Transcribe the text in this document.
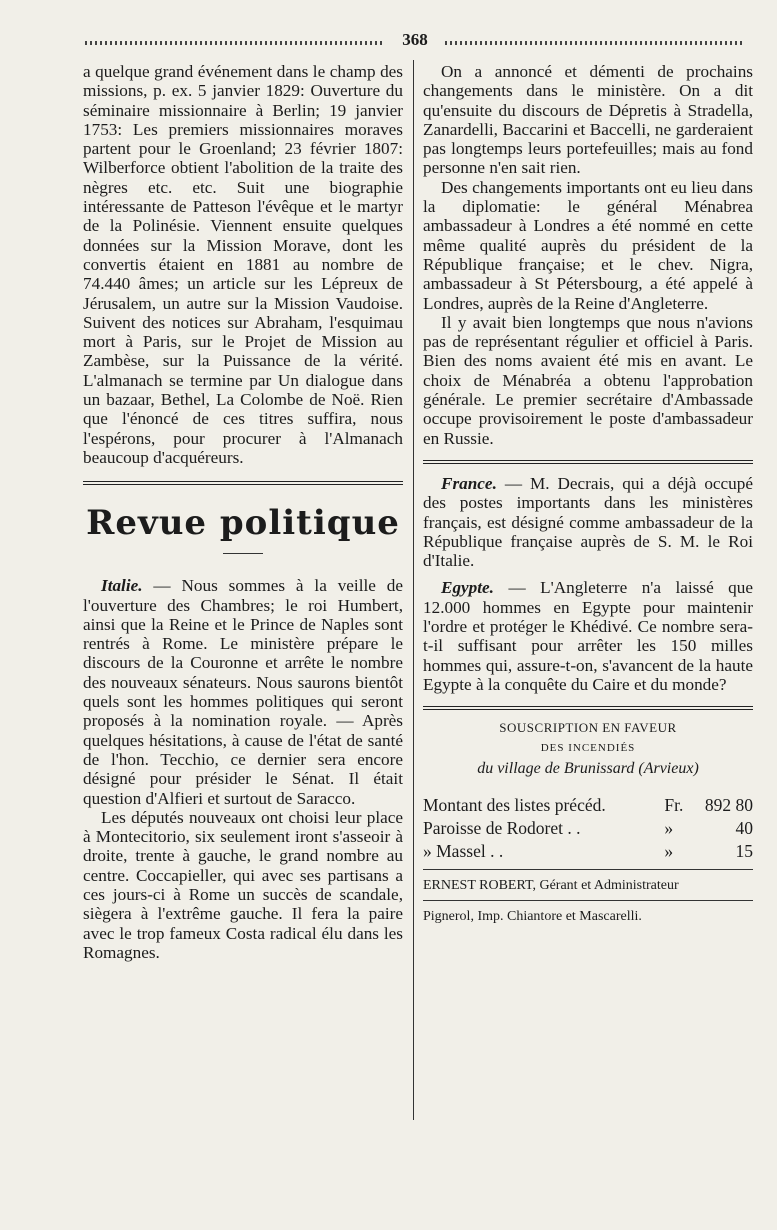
368

a quelque grand événement dans le champ des missions, p. ex. 5 janvier 1829: Ouverture du séminaire missionnaire à Berlin; 19 janvier 1753: Les premiers missionnaires moraves partent pour le Groenland; 23 février 1807: Wilberforce obtient l'abolition de la traite des nègres etc. etc. Suit une biographie intéressante de Patteson l'évêque et le martyr de la Polinésie. Viennent ensuite quelques données sur la Mission Morave, dont les convertis étaient en 1881 au nombre de 74.440 âmes; un article sur les Lépreux de Jérusalem, un autre sur la Mission Vaudoise. Suivent des notices sur Abraham, l'esquimau mort à Paris, sur le Projet de Mission au Zambèse, sur la Puissance de la vérité. L'almanach se termine par Un dialogue dans un bazaar, Bethel, La Colombe de Noë. Rien que l'énoncé de ces titres suffira, nous l'espérons, pour procurer à l'Almanach beaucoup d'acquéreurs.

Revue politique

Italie. — Nous sommes à la veille de l'ouverture des Chambres; le roi Humbert, ainsi que la Reine et le Prince de Naples sont rentrés à Rome. Le ministère prépare le discours de la Couronne et arrête le nombre des nouveaux sénateurs. Nous saurons bientôt quels sont les hommes politiques qui seront proposés à la nomination royale. — Après quelques hésitations, à cause de l'état de santé de l'hon. Tecchio, ce dernier sera encore désigné pour présider le Sénat. Il était question d'Alfieri et surtout de Saracco.

Les députés nouveaux ont choisi leur place à Montecitorio, six seulement iront s'asseoir à droite, trente à gauche, le grand nombre au centre. Coccapieller, qui avec ses partisans a ces jours-ci à Rome un succès de scandale, siègera à l'extrême gauche. Il fera la paire avec le trop fameux Costa radical élu dans les Romagnes.

On a annoncé et démenti de prochains changements dans le ministère. On a dit qu'ensuite du discours de Dépretis à Stradella, Zanardelli, Baccarini et Baccelli, ne garderaient pas longtemps leurs portefeuilles; mais au fond personne n'en sait rien.

Des changements importants ont eu lieu dans la diplomatie: le général Ménabrea ambassadeur à Londres a été nommé en cette même qualité auprès du président de la République française; et le chev. Nigra, ambassadeur à St Pétersbourg, a été appelé à Londres, auprès de la Reine d'Angleterre.

Il y avait bien longtemps que nous n'avions pas de représentant régulier et officiel à Paris. Bien des noms avaient été mis en avant. Le choix de Ménabréa a obtenu l'approbation générale. Le premier secrétaire d'Ambassade occupe provisoirement le poste d'ambassadeur en Russie.

France. — M. Decrais, qui a déjà occupé des postes importants dans les ministères français, est désigné comme ambassadeur de la République française auprès de S. M. le Roi d'Italie.

Egypte. — L'Angleterre n'a laissé que 12.000 hommes en Egypte pour maintenir l'ordre et protéger le Khédivé. Ce nombre sera-t-il suffisant pour arrêter les 150 milles hommes qui, assure-t-on, s'avancent de la haute Egypte à la conquête du Caire et du monde?

SOUSCRIPTION EN FAVEUR
DES INCENDIÉS
du village de Brunissard (Arvieux)
Montant des listes précéd.	Fr.	892 80
Paroisse de Rodoret . .	»	40
» Massel . .	»	15
ERNEST ROBERT, Gérant et Administrateur
Pignerol, Imp. Chiantore et Mascarelli.
